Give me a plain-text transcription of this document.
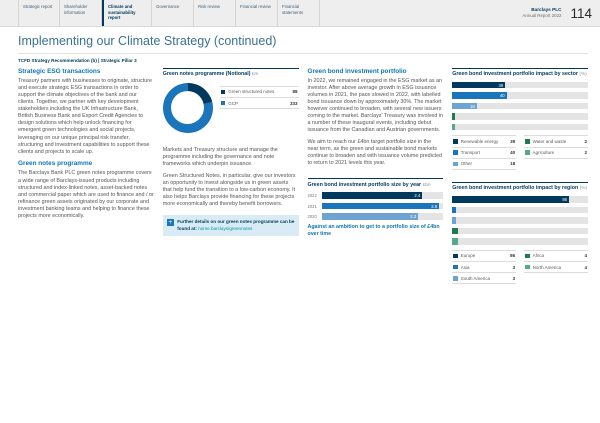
Strategic report	Shareholder information
Climate and sustainability report
Governance	Risk review	Financial review	Financial statements
Barclays PLC
Annual Report 2022 114
Implementing our Climate Strategy (continued)
TCFD Strategy Recommendation (b) | Strategic Pillar 3
Strategic ESG transactions

Treasury partners with businesses to originate, structure and execute strategic ESG transactions in order to support the climate objectives of the bank and our clients. Together, we partner with key development stakeholders including the UK Infrastructure Bank, British Business Bank and Export Credit Agencies to design solutions which help unlock financing for emergent green technologies and social projects, leveraging on our unique principal risk transfer, structuring and investment capabilities to support these clients and projects to scale up.

Green notes programme

The Barclays Bank PLC green notes programme covers a wide range of Barclays-issued products including structured and index-linked notes, asset-backed notes and commercial paper which are used to finance and / or refinance green assets originated by our corporate and investment banking teams and helping to finance these projects more economically.

Green notes programme (Notional) £m
Green structured notes	88
GCP	333

Markets and Treasury structure and manage the programme including the governance and note frameworks which underpin issuance.

Green Structured Notes, in particular, give our investors an opportunity to invest alongside us in green assets that help fund the transition to a low-carbon economy. It also helps Barclays provide financing for these projects more economically and thereby benefit borrowers.

+	Further details on our green notes programme can be found at: home.barclays/greennotes
Green bond investment portfolio

In 2022, we remained engaged in the ESG market as an investor. After above average growth in ESG issuance volumes in 2021, the pace slowed in 2022, with labelled bond issuance down by approximately 30%. The market however continued to broaden, with several new issuers coming to the market. Barclays' Treasury was involved in a number of these inaugural events, including debut issuance from the Canadian and Austrian governments.

We aim to reach our £4bn target portfolio size in the near term, as the green and sustainable bond markets continue to broaden and with issuance volume predicted to return to 2021 levels this year.

Green bond investment portfolio size by year £bn
2022	2.4
2021	2.8
2020	2.3
Against an ambition to get to a portfolio size of £4bn over time
Green bond investment portfolio impact by sector (%)
39
40
18
Renewable energy	39
Transport	40
Other	18
Water and waste	2
Agriculture	2
Green bond investment portfolio impact by region (%)
86
Europe	86
Asia	3
South America	3
Africa	4
North America	4
